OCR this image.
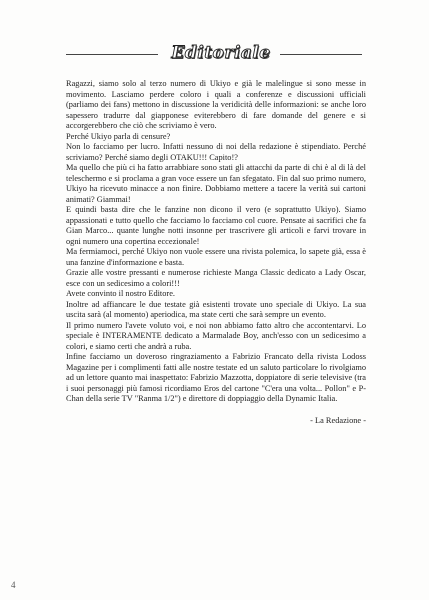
Editoriale

Ragazzi, siamo solo al terzo numero di Ukiyo e già le malelingue si sono messe in movimento. Lasciamo perdere coloro i quali a conferenze e discussioni ufficiali (parliamo dei fans) mettono in discussione la veridicità delle informazioni: se anche loro sapessero tradurre dal giapponese eviterebbero di fare domande del genere e si accorgerebbero che ciò che scriviamo è vero.

Perché Ukiyo parla di censure?

Non lo facciamo per lucro. Infatti nessuno di noi della redazione è stipendiato. Perché scriviamo? Perché siamo degli OTAKU!!! Capito!?

Ma quello che più ci ha fatto arrabbiare sono stati gli attacchi da parte di chi è al di là del teleschermo e si proclama a gran voce essere un fan sfegatato. Fin dal suo primo numero, Ukiyo ha ricevuto minacce a non finire. Dobbiamo mettere a tacere la verità sui cartoni animati? Giammai!

E quindi basta dire che le fanzine non dicono il vero (e soprattutto Ukiyo). Siamo appassionati e tutto quello che facciamo lo facciamo col cuore. Pensate ai sacrifici che fa Gian Marco... quante lunghe notti insonne per trascrivere gli articoli e farvi trovare in ogni numero una copertina eccezionale!

Ma fermiamoci, perché Ukiyo non vuole essere una rivista polemica, lo sapete già, essa è una fanzine d'informazione e basta.

Grazie alle vostre pressanti e numerose richieste Manga Classic dedicato a Lady Oscar, esce con un sedicesimo a colori!!!

Avete convinto il nostro Editore.

Inoltre ad affiancare le due testate già esistenti trovate uno speciale di Ukiyo. La sua uscita sarà (al momento) aperiodica, ma state certi che sarà sempre un evento.

Il primo numero l'avete voluto voi, e noi non abbiamo fatto altro che accontentarvi. Lo speciale è INTERAMENTE dedicato a Marmalade Boy, anch'esso con un sedicesimo a colori, e siamo certi che andrà a ruba.

Infine facciamo un doveroso ringraziamento a Fabrizio Francato della rivista Lodoss Magazine per i complimenti fatti alle nostre testate ed un saluto particolare lo rivolgiamo ad un lettore quanto mai inaspettato: Fabrizio Mazzotta, doppiatore di serie televisive (tra i suoi personaggi più famosi ricordiamo Eros del cartone "C'era una volta... Pollon" e P-Chan della serie TV "Ranma 1/2") e direttore di doppiaggio della Dynamic Italia.

- La Redazione -

4
